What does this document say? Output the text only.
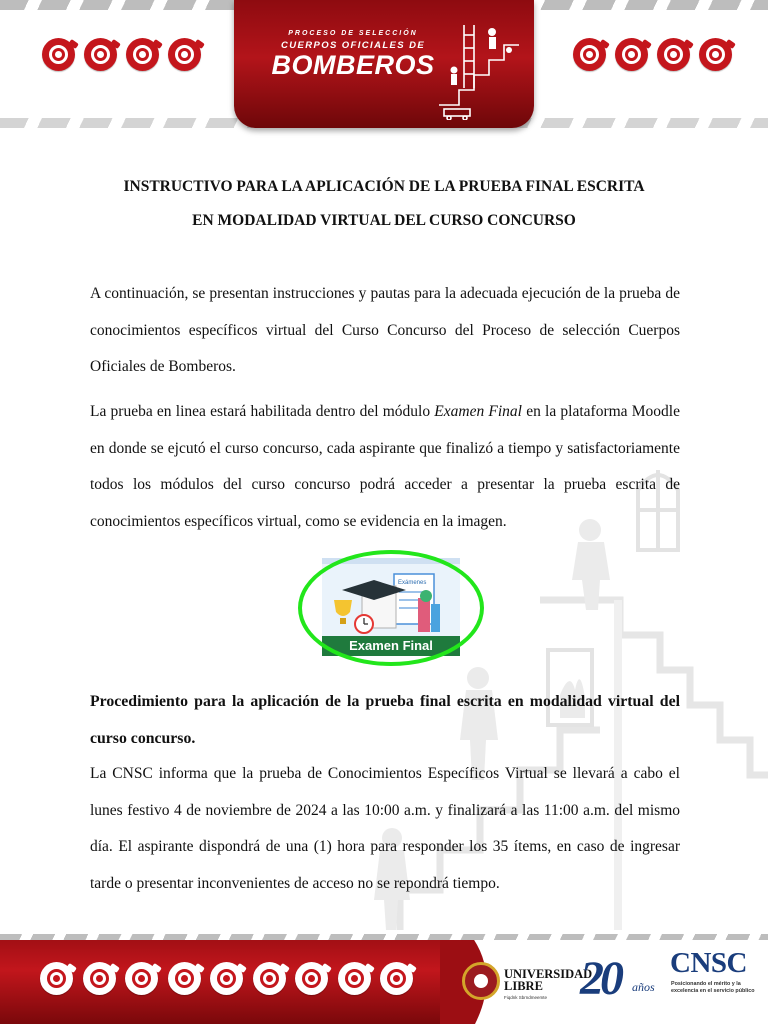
PROCESO DE SELECCIÓN
CUERPOS OFICIALES DE
BOMBEROS
INSTRUCTIVO PARA LA APLICACIÓN DE LA PRUEBA FINAL ESCRITA
EN MODALIDAD VIRTUAL DEL CURSO CONCURSO
A continuación, se presentan instrucciones y pautas para la adecuada ejecución de la prueba de conocimientos específicos virtual del Curso Concurso del Proceso de selección Cuerpos Oficiales de Bomberos.
La prueba en linea estará habilitada dentro del módulo Examen Final en la plataforma Moodle en donde se ejcutó el curso concurso, cada aspirante que finalizó a tiempo y satisfactoriamente todos los módulos del curso concurso podrá acceder a presentar la prueba escrita de conocimientos específicos virtual, como se evidencia en la imagen.
Exámenes
Examen Final
Procedimiento para la aplicación de la prueba final escrita en modalidad virtual del curso concurso.
La CNSC informa que la prueba de Conocimientos Específicos Virtual se llevará a cabo el lunes festivo 4 de noviembre de 2024 a las 10:00 a.m. y finalizará a las 11:00 a.m. del mismo día. El aspirante dispondrá de una (1) hora para responder los 35 ítems, en caso de ingresar tarde o presentar inconvenientes de acceso no se repondrá tiempo.
UNIVERSIDAD
LIBRE
Fiqdnk Sbrndmeemte 20 años
CNSC
Posicionando el mérito y la excelencia en el servicio público
